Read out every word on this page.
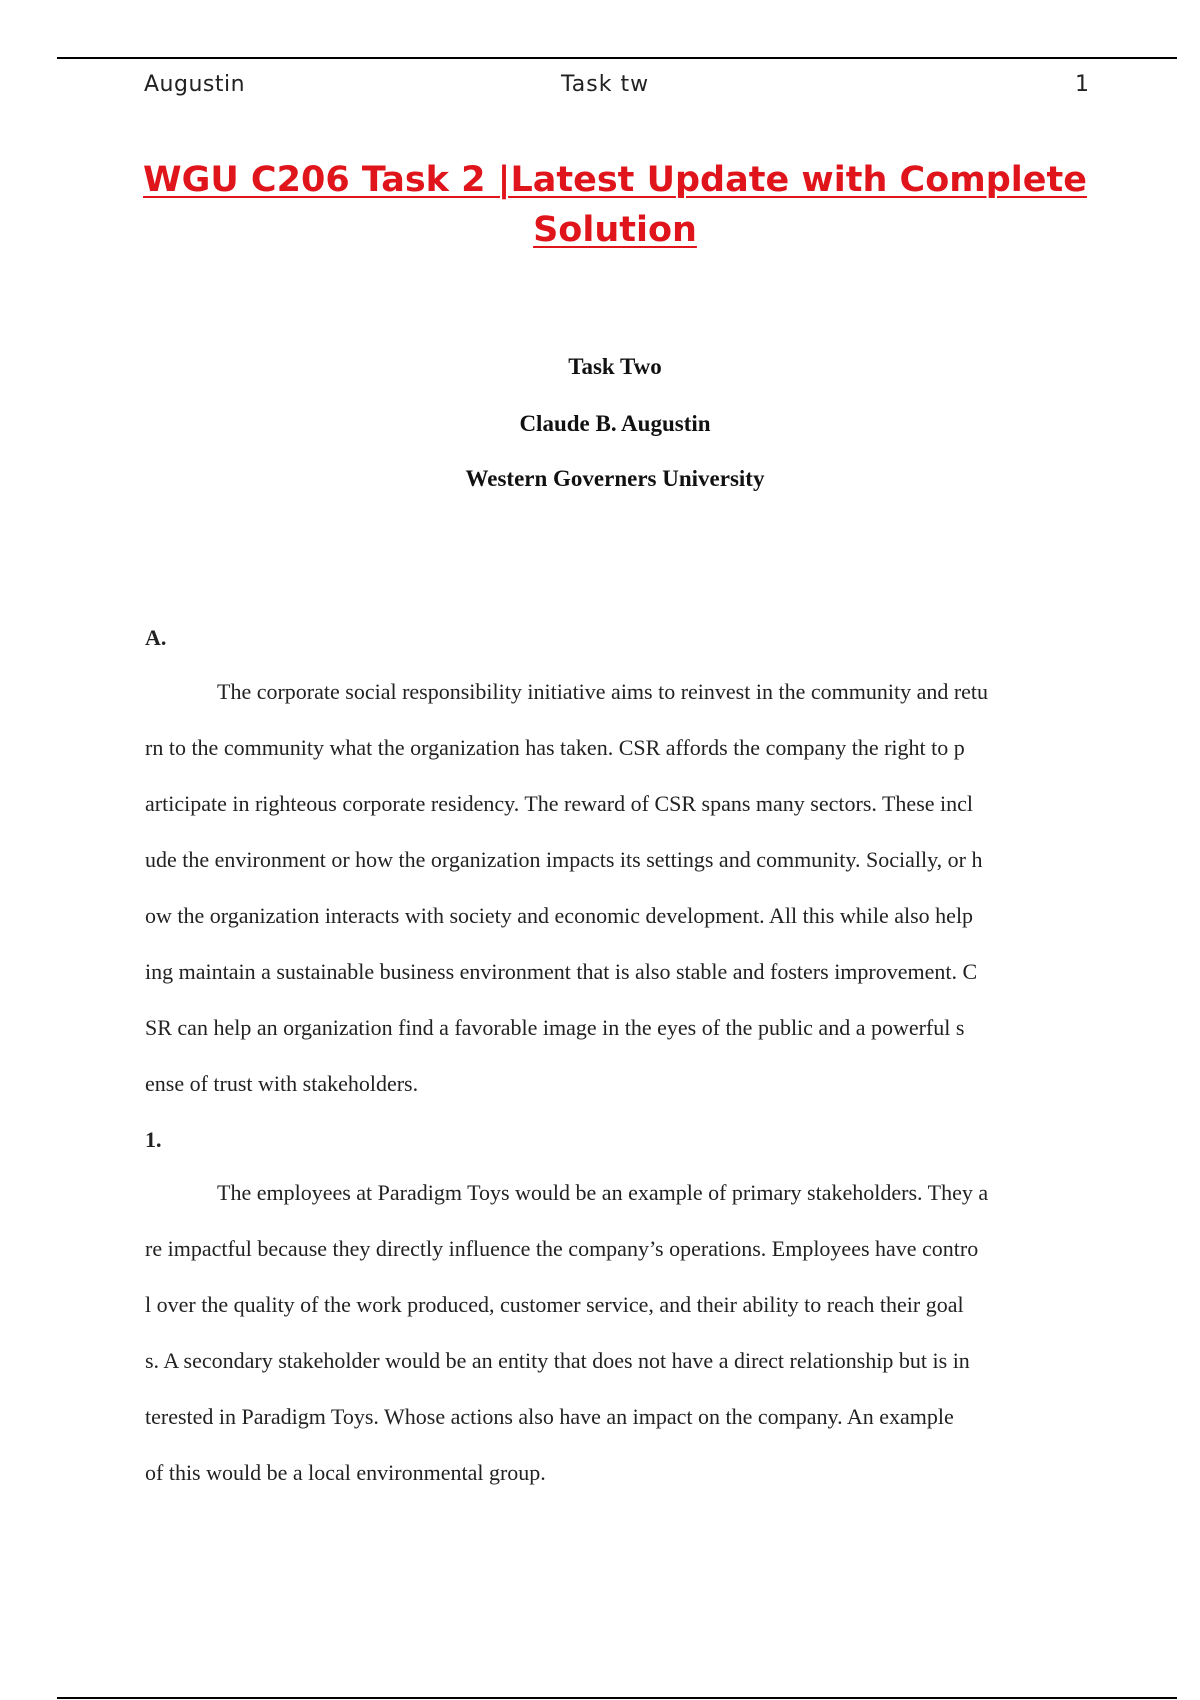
Augustin	Task tw	1
WGU C206 Task 2 |Latest Update with Complete
Solution

Task Two

Claude B. Augustin

Western Governers University

A.

The corporate social responsibility initiative aims to reinvest in the community and retu
rn to the community what the organization has taken. CSR affords the company the right to p
articipate in righteous corporate residency. The reward of CSR spans many sectors. These incl
ude the environment or how the organization impacts its settings and community. Socially, or h
ow the organization interacts with society and economic development. All this while also help
ing maintain a sustainable business environment that is also stable and fosters improvement. C
SR can help an organization find a favorable image in the eyes of the public and a powerful s
ense of trust with stakeholders.

1.

The employees at Paradigm Toys would be an example of primary stakeholders. They a
re impactful because they directly influence the company’s operations. Employees have contro
l over the quality of the work produced, customer service, and their ability to reach their goal
s. A secondary stakeholder would be an entity that does not have a direct relationship but is in
terested in Paradigm Toys. Whose actions also have an impact on the company. An example
of this would be a local environmental group.
